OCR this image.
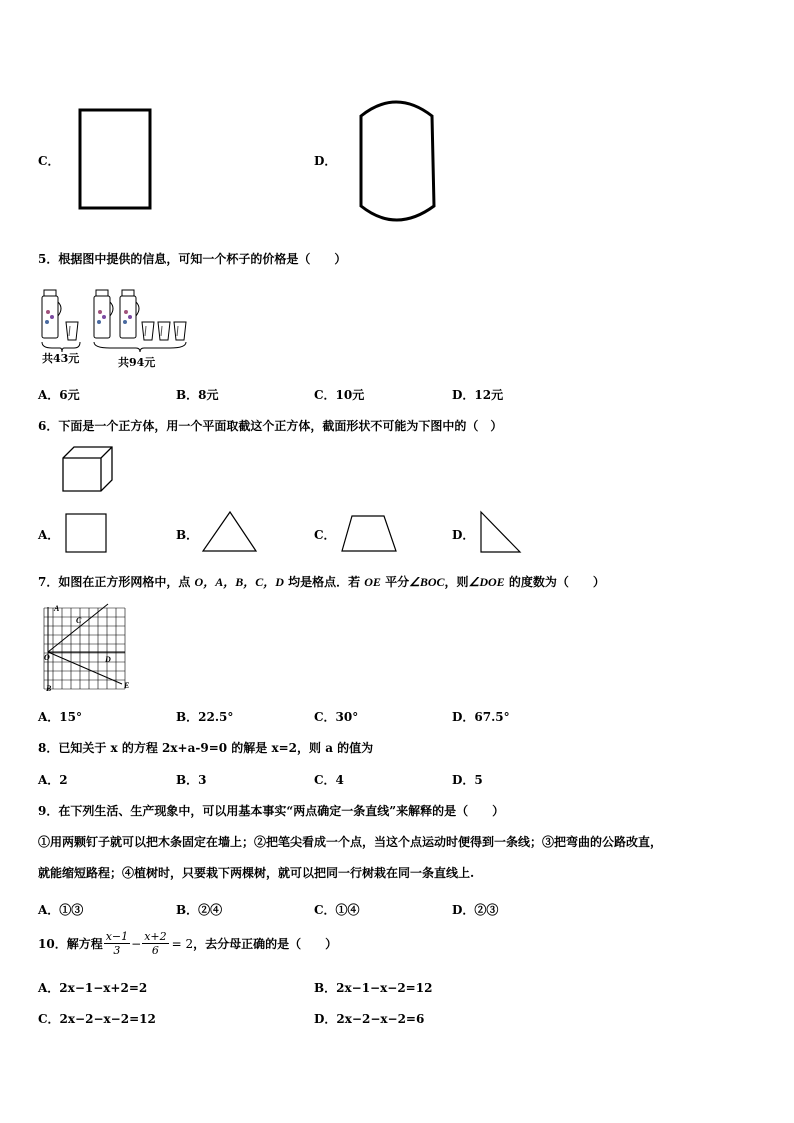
C．	D．
5．根据图中提供的信息，可知一个杯子的价格是（　　）
共43元	共94元
A．6元	B．8元	C．10元	D．12元
6．下面是一个正方体，用一个平面取截这个正方体，截面形状不可能为下图中的（　）
A．	B．	C．	D．
7．如图在正方形网格中，点 O，A，B，C，D 均是格点．若 OE 平分∠BOC，则∠DOE 的度数为（　　）
A
C
O	D
B	E
A．15°	B．22.5°	C．30°	D．67.5°
8．已知关于 x 的方程 2x+a-9=0 的解是 x=2，则 a 的值为
A．2	B．3	C．4	D．5
9．在下列生活、生产现象中，可以用基本事实“两点确定一条直线”来解释的是（　　）
①用两颗钉子就可以把木条固定在墙上；②把笔尖看成一个点，当这个点运动时便得到一条线；③把弯曲的公路改直，
就能缩短路程；④植树时，只要栽下两棵树，就可以把同一行树栽在同一条直线上.
A．①③	B．②④	C．①④	D．②③
10．解方程 $\frac{x-1}{3} - \frac{x+2}{6} = 2$ ，去分母正确的是（　　）
A．2x−1−x+2=2	B．2x−1−x−2=12
C．2x−2−x−2=12	D．2x−2−x−2=6
